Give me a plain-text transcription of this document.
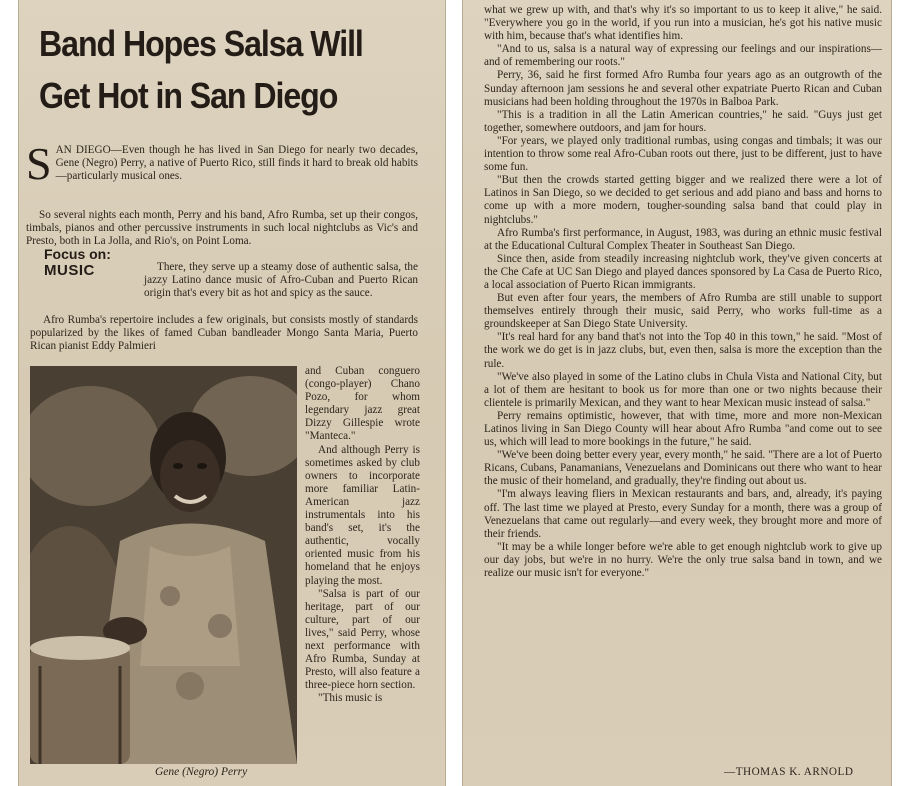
Band Hopes Salsa Will
Get Hot in San Diego
S AN DIEGO—Even though he has lived in San Diego for nearly two decades, Gene (Negro) Perry, a native of Puerto Rico, still finds it hard to break old habits—particularly musical ones.

So several nights each month, Perry and his band, Afro Rumba, set up their congos, timbals, pianos and other percussive instruments in such local nightclubs as Vic's and Presto, both in La Jolla, and Rio's, on Point Loma.

Focus on:
MUSIC	There, they serve up a steamy dose of authentic salsa, the jazzy Latino dance music of Afro-Cuban and Puerto Rican origin that's every bit as hot and spicy as the sauce.

Afro Rumba's repertoire includes a few originals, but consists mostly of standards popularized by the likes of famed Cuban bandleader Mongo Santa Maria, Puerto Rican pianist Eddy Palmieri

and Cuban conguero (congo-player) Chano Pozo, for whom legendary jazz great Dizzy Gillespie wrote "Manteca."

And although Perry is sometimes asked by club owners to incorporate more familiar Latin-American jazz instrumentals into his band's set, it's the authentic, vocally oriented music from his homeland that he enjoys playing the most.

"Salsa is part of our heritage, part of our culture, part of our lives," said Perry, whose next performance with Afro Rumba, Sunday at Presto, will also feature a three-piece horn section.

"This music is

Gene (Negro) Perry

what we grew up with, and that's why it's so important to us to keep it alive," he said. "Everywhere you go in the world, if you run into a musician, he's got his native music with him, because that's what identifies him.

"And to us, salsa is a natural way of expressing our feelings and our inspirations—and of remembering our roots."

Perry, 36, said he first formed Afro Rumba four years ago as an outgrowth of the Sunday afternoon jam sessions he and several other expatriate Puerto Rican and Cuban musicians had been holding throughout the 1970s in Balboa Park.

"This is a tradition in all the Latin American countries," he said. "Guys just get together, somewhere outdoors, and jam for hours.

"For years, we played only traditional rumbas, using congas and timbals; it was our intention to throw some real Afro-Cuban roots out there, just to be different, just to have some fun.

"But then the crowds started getting bigger and we realized there were a lot of Latinos in San Diego, so we decided to get serious and add piano and bass and horns to come up with a more modern, tougher-sounding salsa band that could play in nightclubs."

Afro Rumba's first performance, in August, 1983, was during an ethnic music festival at the Educational Cultural Complex Theater in Southeast San Diego.

Since then, aside from steadily increasing nightclub work, they've given concerts at the Che Cafe at UC San Diego and played dances sponsored by La Casa de Puerto Rico, a local association of Puerto Rican immigrants.

But even after four years, the members of Afro Rumba are still unable to support themselves entirely through their music, said Perry, who works full-time as a groundskeeper at San Diego State University.

"It's real hard for any band that's not into the Top 40 in this town," he said. "Most of the work we do get is in jazz clubs, but, even then, salsa is more the exception than the rule.

"We've also played in some of the Latino clubs in Chula Vista and National City, but a lot of them are hesitant to book us for more than one or two nights because their clientele is primarily Mexican, and they want to hear Mexican music instead of salsa."

Perry remains optimistic, however, that with time, more and more non-Mexican Latinos living in San Diego County will hear about Afro Rumba "and come out to see us, which will lead to more bookings in the future," he said.

"We've been doing better every year, every month," he said. "There are a lot of Puerto Ricans, Cubans, Panamanians, Venezuelans and Dominicans out there who want to hear the music of their homeland, and gradually, they're finding out about us.

"I'm always leaving fliers in Mexican restaurants and bars, and, already, it's paying off. The last time we played at Presto, every Sunday for a month, there was a group of Venezuelans that came out regularly—and every week, they brought more and more of their friends.

"It may be a while longer before we're able to get enough nightclub work to give up our day jobs, but we're in no hurry. We're the only true salsa band in town, and we realize our music isn't for everyone."

—THOMAS K. ARNOLD
